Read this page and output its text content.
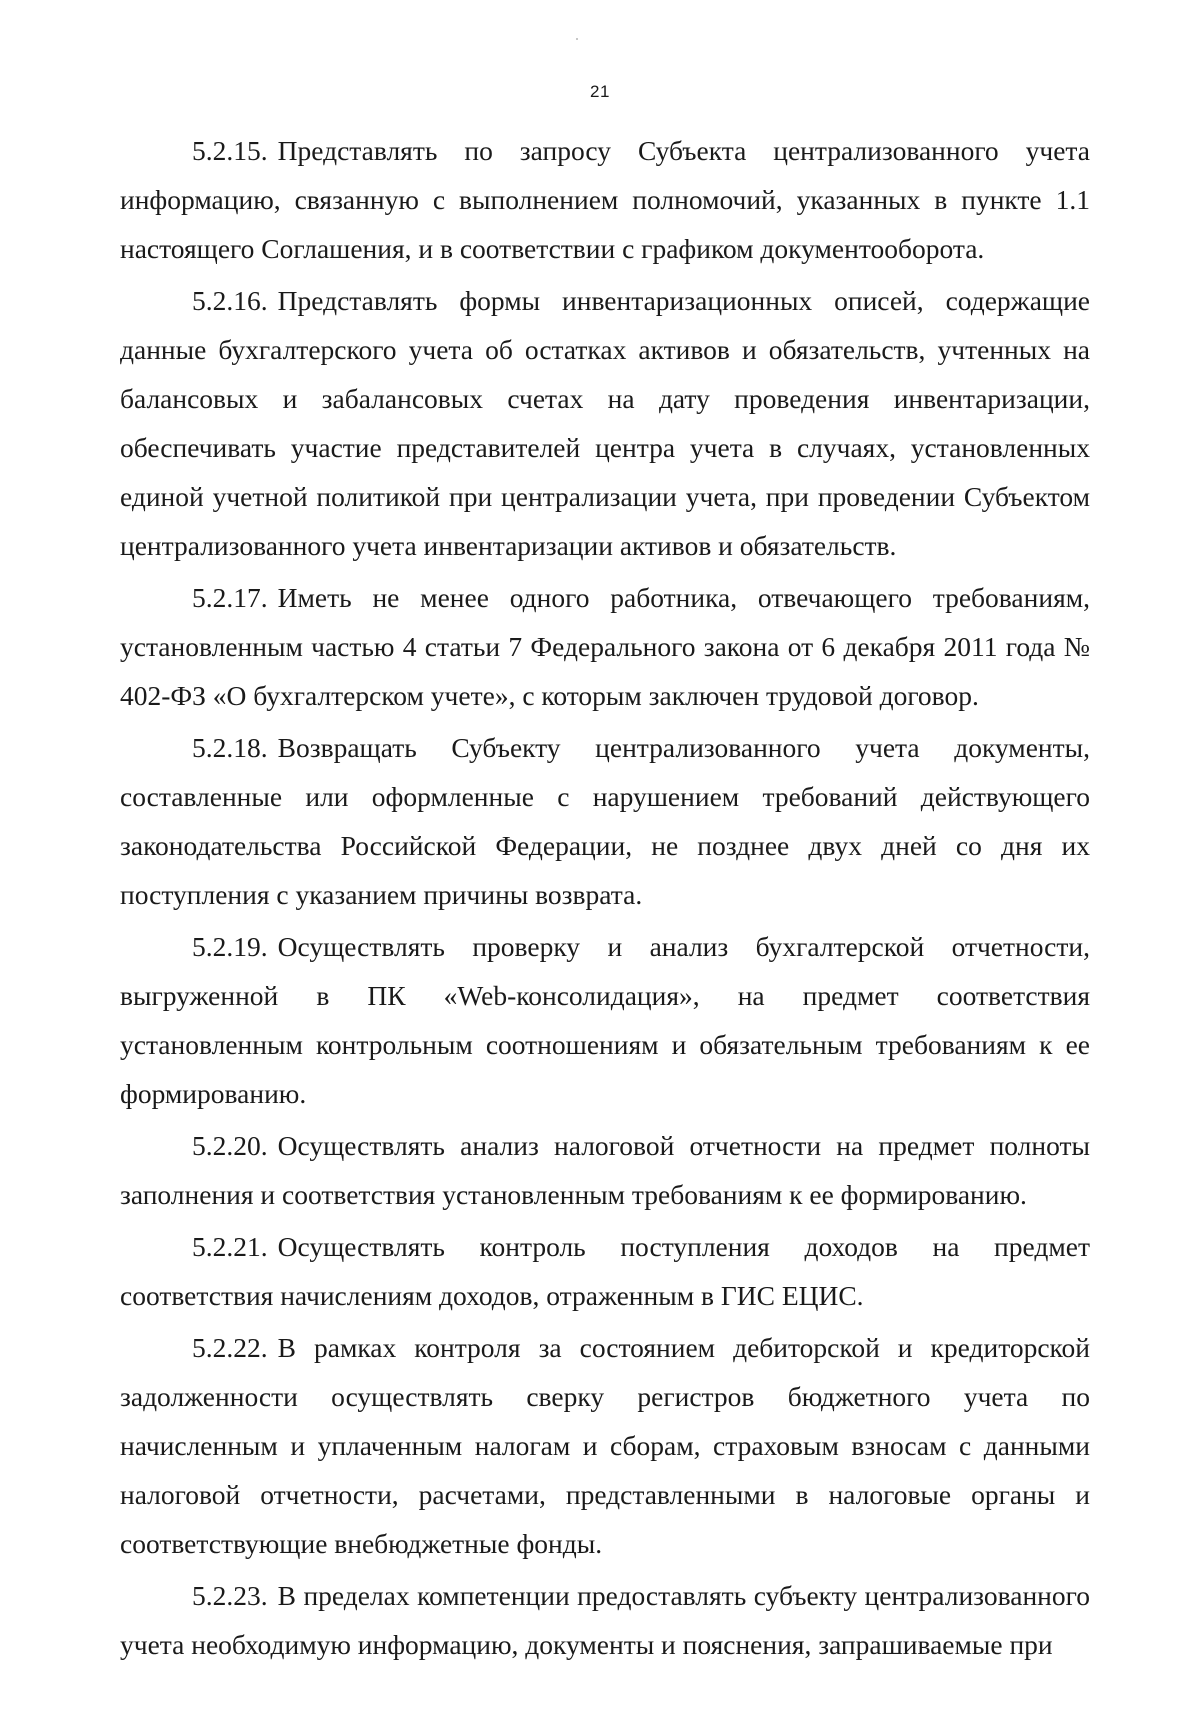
21

5.2.15. Представлять по запросу Субъекта централизованного учета информацию, связанную с выполнением полномочий, указанных в пункте 1.1 настоящего Соглашения, и в соответствии с графиком документооборота.

5.2.16. Представлять формы инвентаризационных описей, содержащие данные бухгалтерского учета об остатках активов и обязательств, учтенных на балансовых и забалансовых счетах на дату проведения инвентаризации, обеспечивать участие представителей центра учета в случаях, установленных единой учетной политикой при централизации учета, при проведении Субъектом централизованного учета инвентаризации активов и обязательств.

5.2.17. Иметь не менее одного работника, отвечающего требованиям, установленным частью 4 статьи 7 Федерального закона от 6 декабря 2011 года № 402-ФЗ «О бухгалтерском учете», с которым заключен трудовой договор.

5.2.18. Возвращать Субъекту централизованного учета документы, составленные или оформленные с нарушением требований действующего законодательства Российской Федерации, не позднее двух дней со дня их поступления с указанием причины возврата.

5.2.19. Осуществлять проверку и анализ бухгалтерской отчетности, выгруженной в ПК «Web-консолидация», на предмет соответствия установленным контрольным соотношениям и обязательным требованиям к ее формированию.

5.2.20. Осуществлять анализ налоговой отчетности на предмет полноты заполнения и соответствия установленным требованиям к ее формированию.

5.2.21. Осуществлять контроль поступления доходов на предмет соответствия начислениям доходов, отраженным в ГИС ЕЦИС.

5.2.22. В рамках контроля за состоянием дебиторской и кредиторской задолженности осуществлять сверку регистров бюджетного учета по начисленным и уплаченным налогам и сборам, страховым взносам с данными налоговой отчетности, расчетами, представленными в налоговые органы и соответствующие внебюджетные фонды.

5.2.23. В пределах компетенции предоставлять субъекту централизованного учета необходимую информацию, документы и пояснения, запрашиваемые при
